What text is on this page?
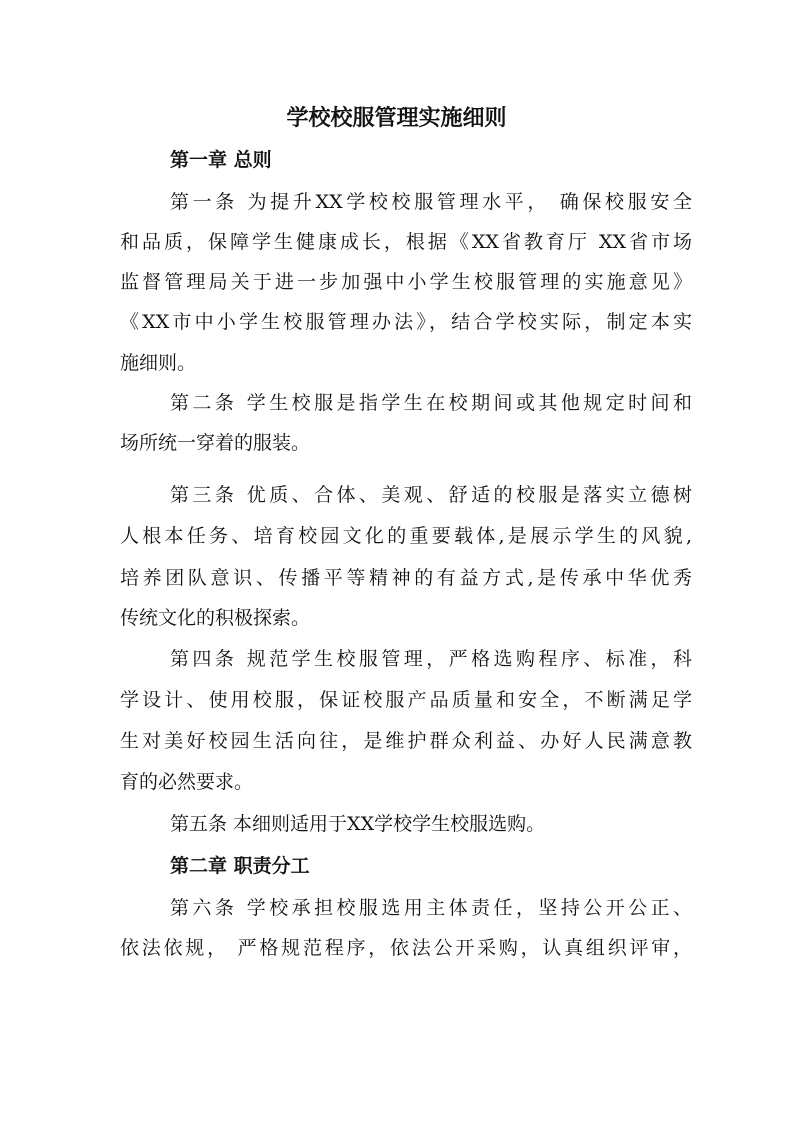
学校校服管理实施细则
第一章 总则
第一条 为提升XX学校校服管理水平， 确保校服安全
和品质，保障学生健康成长，根据《XX省教育厅 XX省市场
监督管理局关于进一步加强中小学生校服管理的实施意见》
《XX市中小学生校服管理办法》，结合学校实际，制定本实
施细则。
第二条 学生校服是指学生在校期间或其他规定时间和
场所统一穿着的服装。
第三条 优质、合体、美观、舒适的校服是落实立德树
人根本任务、培育校园文化的重要载体,是展示学生的风貌,
培养团队意识、传播平等精神的有益方式,是传承中华优秀
传统文化的积极探索。
第四条 规范学生校服管理，严格选购程序、标准，科
学设计、使用校服，保证校服产品质量和安全，不断满足学
生对美好校园生活向往，是维护群众利益、办好人民满意教
育的必然要求。
第五条 本细则适用于XX学校学生校服选购。
第二章 职责分工
第六条 学校承担校服选用主体责任，坚持公开公正、
依法依规， 严格规范程序，依法公开采购，认真组织评审，
